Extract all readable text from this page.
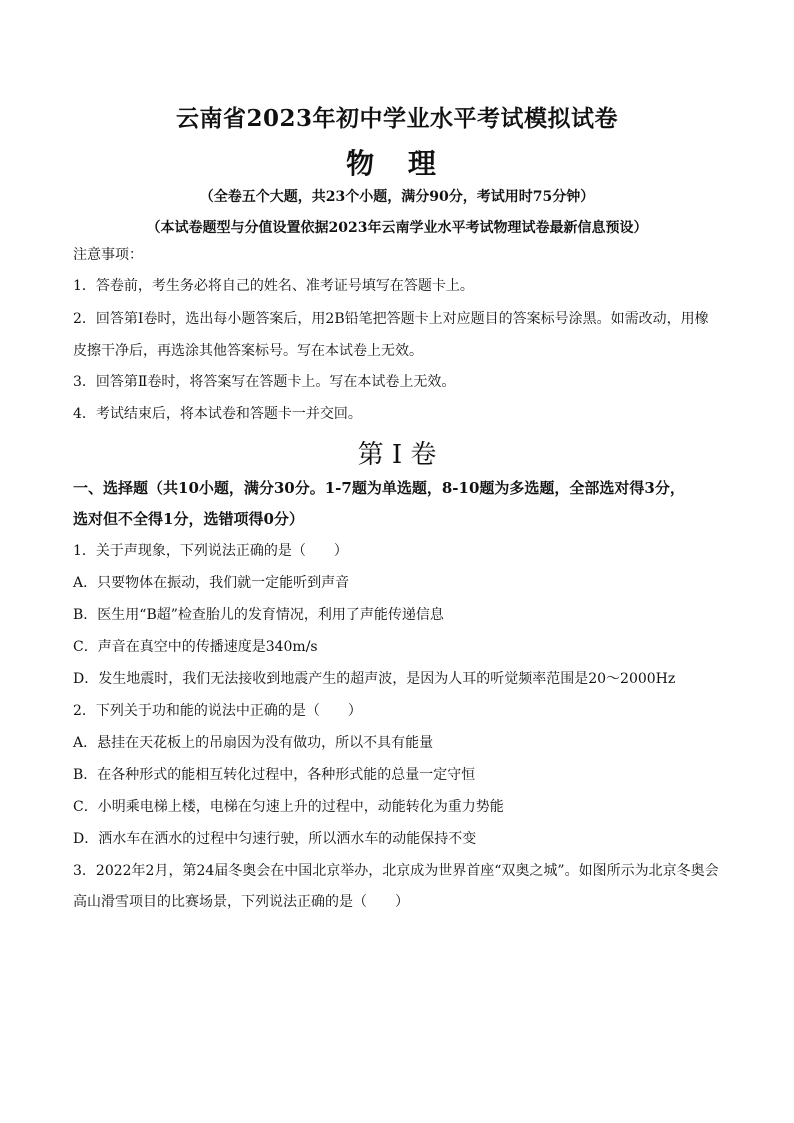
云南省2023年初中学业水平考试模拟试卷
物 理
（全卷五个大题，共23个小题，满分90分，考试用时75分钟）
（本试卷题型与分值设置依据2023年云南学业水平考试物理试卷最新信息预设）
注意事项：
1．答卷前，考生务必将自己的姓名、准考证号填写在答题卡上。
2．回答第Ⅰ卷时，选出每小题答案后，用2B铅笔把答题卡上对应题目的答案标号涂黑。如需改动，用橡
皮擦干净后，再选涂其他答案标号。写在本试卷上无效。
3．回答第Ⅱ卷时，将答案写在答题卡上。写在本试卷上无效。
4．考试结束后，将本试卷和答题卡一并交回。
第 I 卷
一、选择题（共10小题，满分30分。1-7题为单选题，8-10题为多选题，全部选对得3分，
选对但不全得1分，选错项得0分）
1．关于声现象，下列说法正确的是（　　）
A．只要物体在振动，我们就一定能听到声音
B．医生用“B超”检查胎儿的发育情况，利用了声能传递信息
C．声音在真空中的传播速度是340m/s
D．发生地震时，我们无法接收到地震产生的超声波，是因为人耳的听觉频率范围是20～2000Hz
2．下列关于功和能的说法中正确的是（　　）
A．悬挂在天花板上的吊扇因为没有做功，所以不具有能量
B．在各种形式的能相互转化过程中，各种形式能的总量一定守恒
C．小明乘电梯上楼，电梯在匀速上升的过程中，动能转化为重力势能
D．洒水车在洒水的过程中匀速行驶，所以洒水车的动能保持不变
3．2022年2月，第24届冬奥会在中国北京举办，北京成为世界首座“双奥之城”。如图所示为北京冬奥会
高山滑雪项目的比赛场景，下列说法正确的是（　　）
